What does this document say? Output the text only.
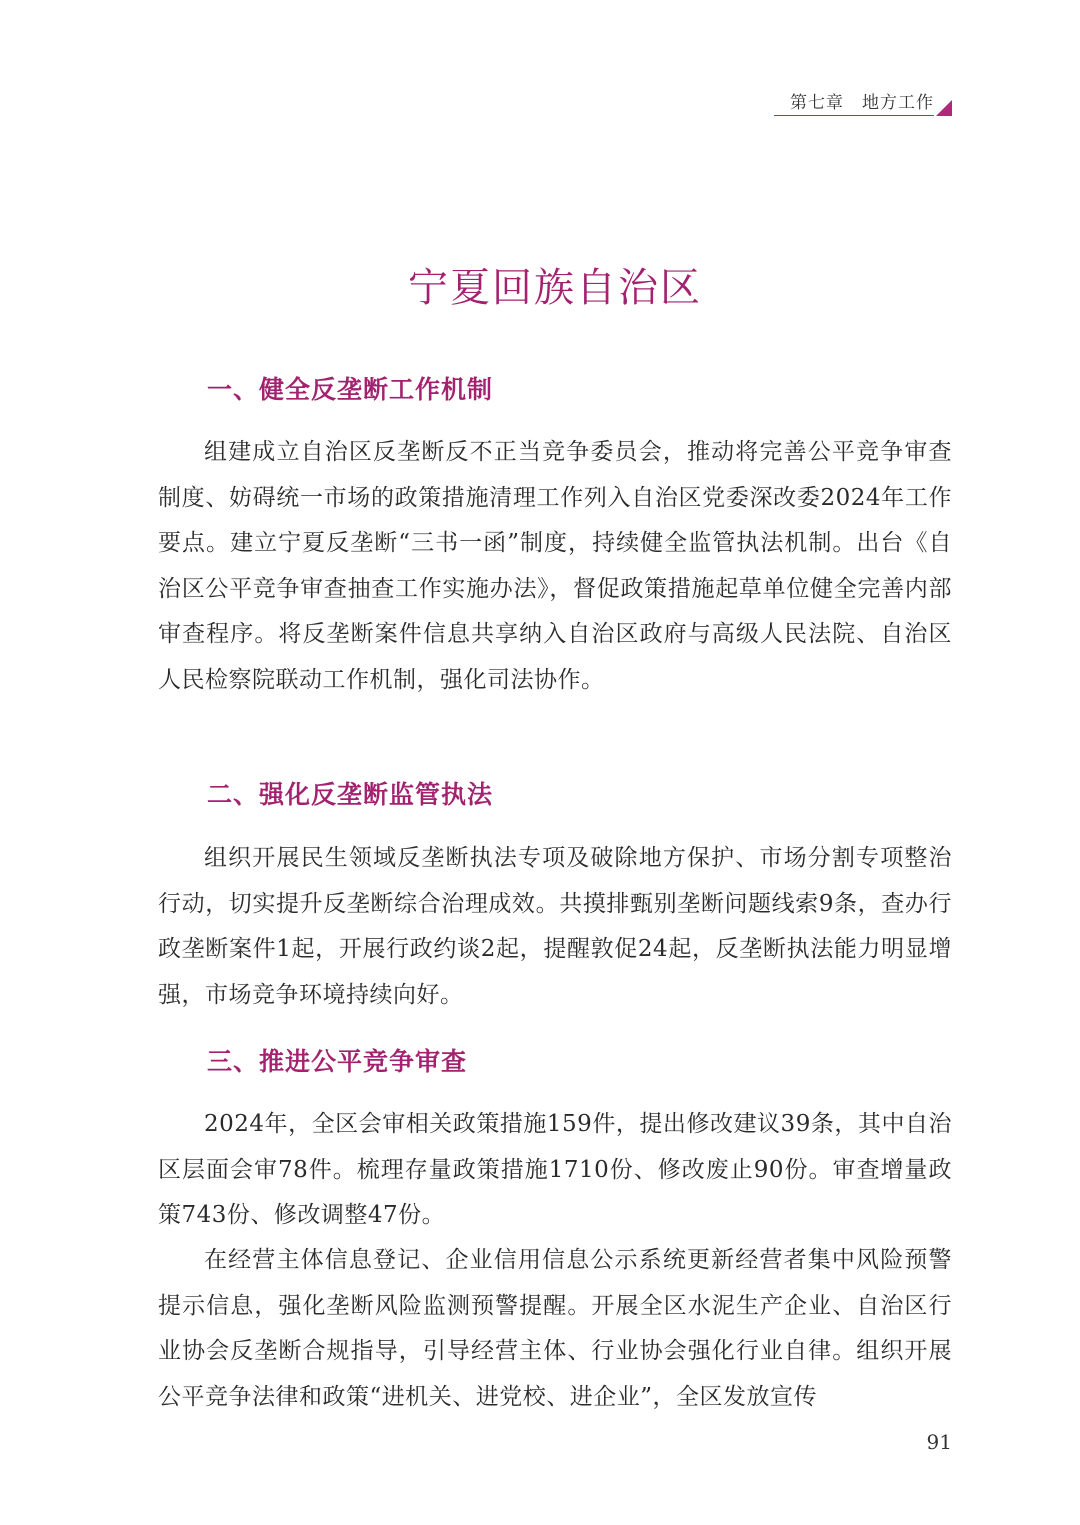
第七章　地方工作
宁夏回族自治区
一、健全反垄断工作机制

组建成立自治区反垄断反不正当竞争委员会，推动将完善公平竞争审查制度、妨碍统一市场的政策措施清理工作列入自治区党委深改委2024年工作要点。建立宁夏反垄断“三书一函”制度，持续健全监管执法机制。出台《自治区公平竞争审查抽查工作实施办法》，督促政策措施起草单位健全完善内部审查程序。将反垄断案件信息共享纳入自治区政府与高级人民法院、自治区人民检察院联动工作机制，强化司法协作。

二、强化反垄断监管执法

组织开展民生领域反垄断执法专项及破除地方保护、市场分割专项整治行动，切实提升反垄断综合治理成效。共摸排甄别垄断问题线索9条，查办行政垄断案件1起，开展行政约谈2起，提醒敦促24起，反垄断执法能力明显增强，市场竞争环境持续向好。

三、推进公平竞争审查

2024年，全区会审相关政策措施159件，提出修改建议39条，其中自治区层面会审78件。梳理存量政策措施1710份、修改废止90份。审查增量政策743份、修改调整47份。

在经营主体信息登记、企业信用信息公示系统更新经营者集中风险预警提示信息，强化垄断风险监测预警提醒。开展全区水泥生产企业、自治区行业协会反垄断合规指导，引导经营主体、行业协会强化行业自律。组织开展公平竞争法律和政策“进机关、进党校、进企业”，全区发放宣传

91
